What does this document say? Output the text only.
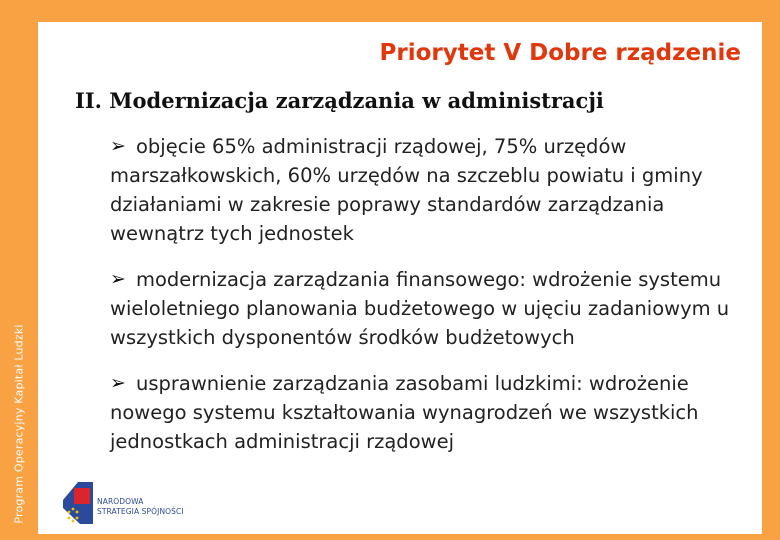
Program Operacyjny Kapitał Ludzki
Priorytet V Dobre rządzenie
II. Modernizacja zarządzania w administracji
➢ objęcie 65% administracji rządowej, 75% urzędów marszałkowskich, 60% urzędów na szczeblu powiatu i gminy działaniami w zakresie poprawy standardów zarządzania wewnątrz tych jednostek
➢ modernizacja zarządzania finansowego: wdrożenie systemu wieloletniego planowania budżetowego w ujęciu zadaniowym u wszystkich dysponentów środków budżetowych
➢ usprawnienie zarządzania zasobami ludzkimi: wdrożenie nowego systemu kształtowania wynagrodzeń we wszystkich jednostkach administracji rządowej
NARODOWA
STRATEGIA SPÓJNOŚCI
